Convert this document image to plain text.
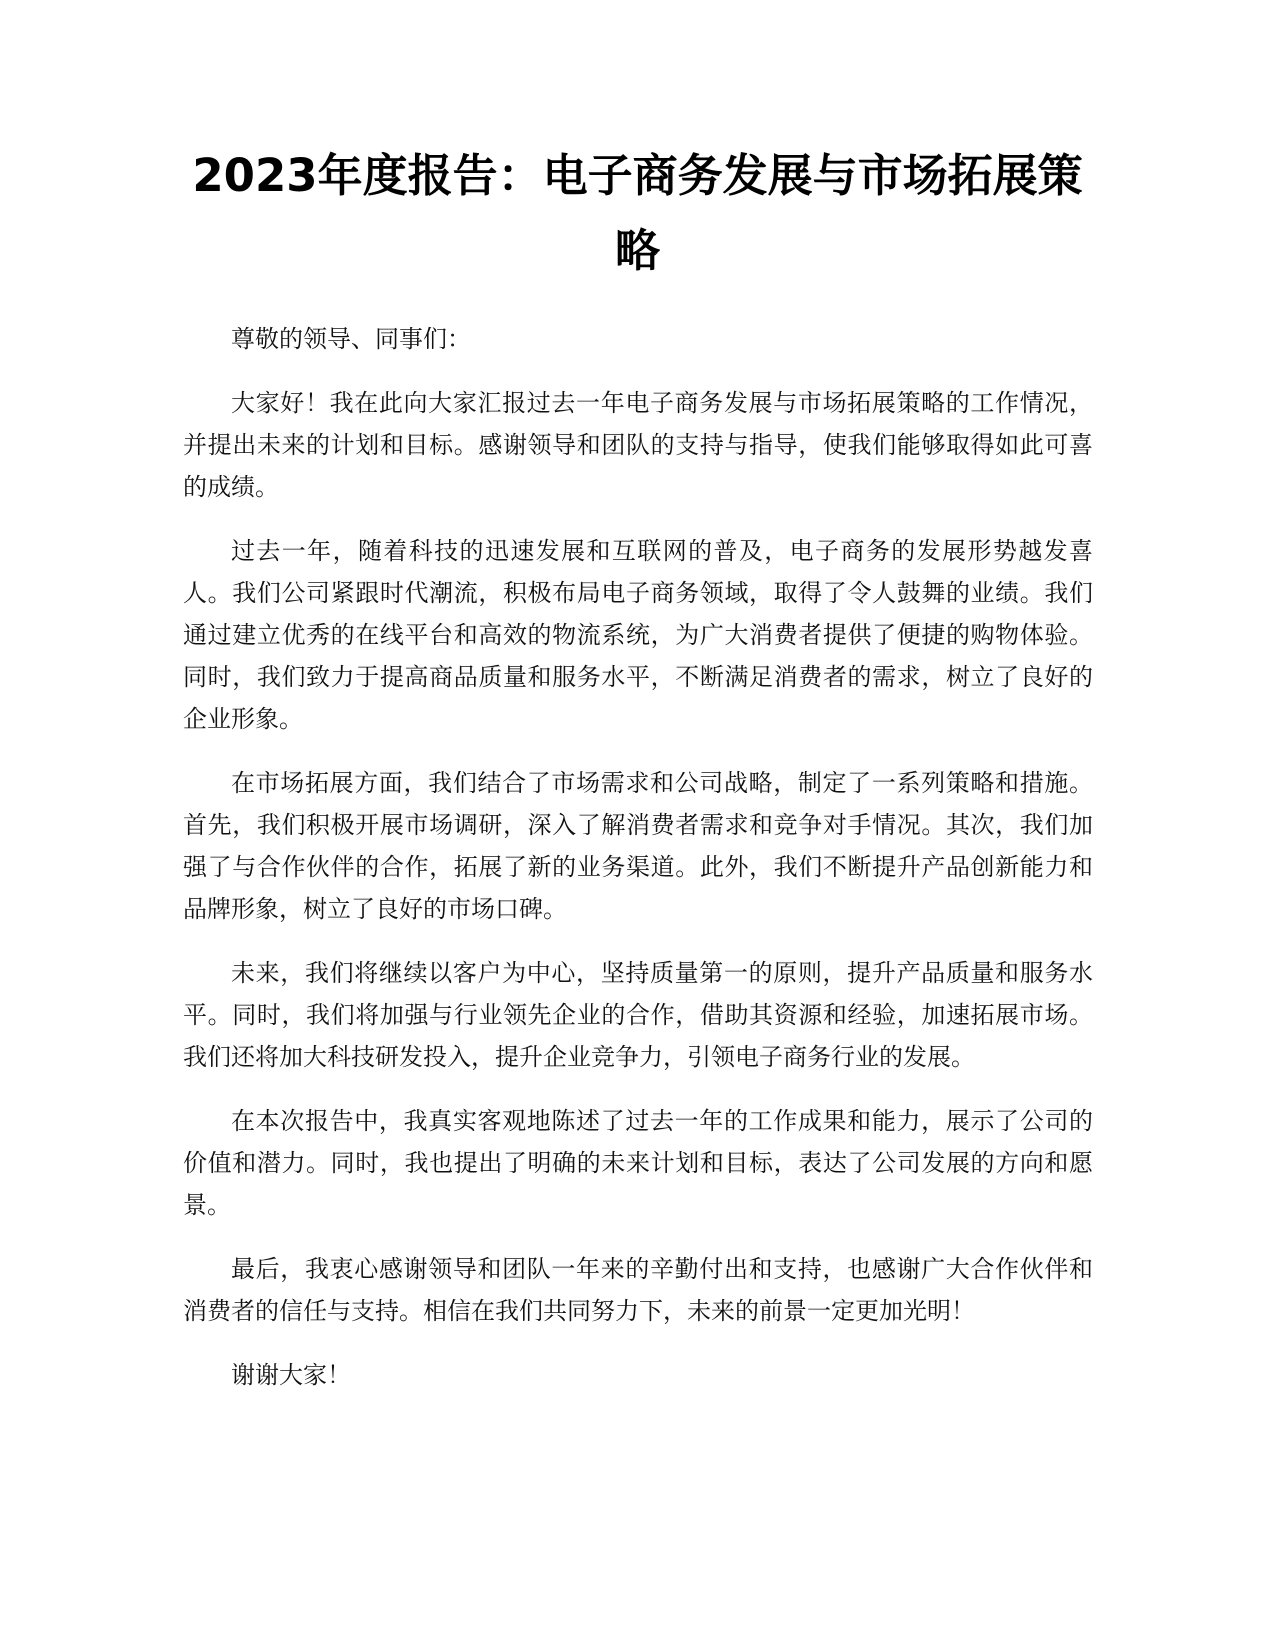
2023年度报告：电子商务发展与市场拓展策略

尊敬的领导、同事们：

大家好！我在此向大家汇报过去一年电子商务发展与市场拓展策略的工作情况，并提出未来的计划和目标。感谢领导和团队的支持与指导，使我们能够取得如此可喜的成绩。

过去一年，随着科技的迅速发展和互联网的普及，电子商务的发展形势越发喜人。我们公司紧跟时代潮流，积极布局电子商务领域，取得了令人鼓舞的业绩。我们通过建立优秀的在线平台和高效的物流系统，为广大消费者提供了便捷的购物体验。同时，我们致力于提高商品质量和服务水平，不断满足消费者的需求，树立了良好的企业形象。

在市场拓展方面，我们结合了市场需求和公司战略，制定了一系列策略和措施。首先，我们积极开展市场调研，深入了解消费者需求和竞争对手情况。其次，我们加强了与合作伙伴的合作，拓展了新的业务渠道。此外，我们不断提升产品创新能力和品牌形象，树立了良好的市场口碑。

未来，我们将继续以客户为中心，坚持质量第一的原则，提升产品质量和服务水平。同时，我们将加强与行业领先企业的合作，借助其资源和经验，加速拓展市场。我们还将加大科技研发投入，提升企业竞争力，引领电子商务行业的发展。

在本次报告中，我真实客观地陈述了过去一年的工作成果和能力，展示了公司的价值和潜力。同时，我也提出了明确的未来计划和目标，表达了公司发展的方向和愿景。

最后，我衷心感谢领导和团队一年来的辛勤付出和支持，也感谢广大合作伙伴和消费者的信任与支持。相信在我们共同努力下，未来的前景一定更加光明！

谢谢大家！
